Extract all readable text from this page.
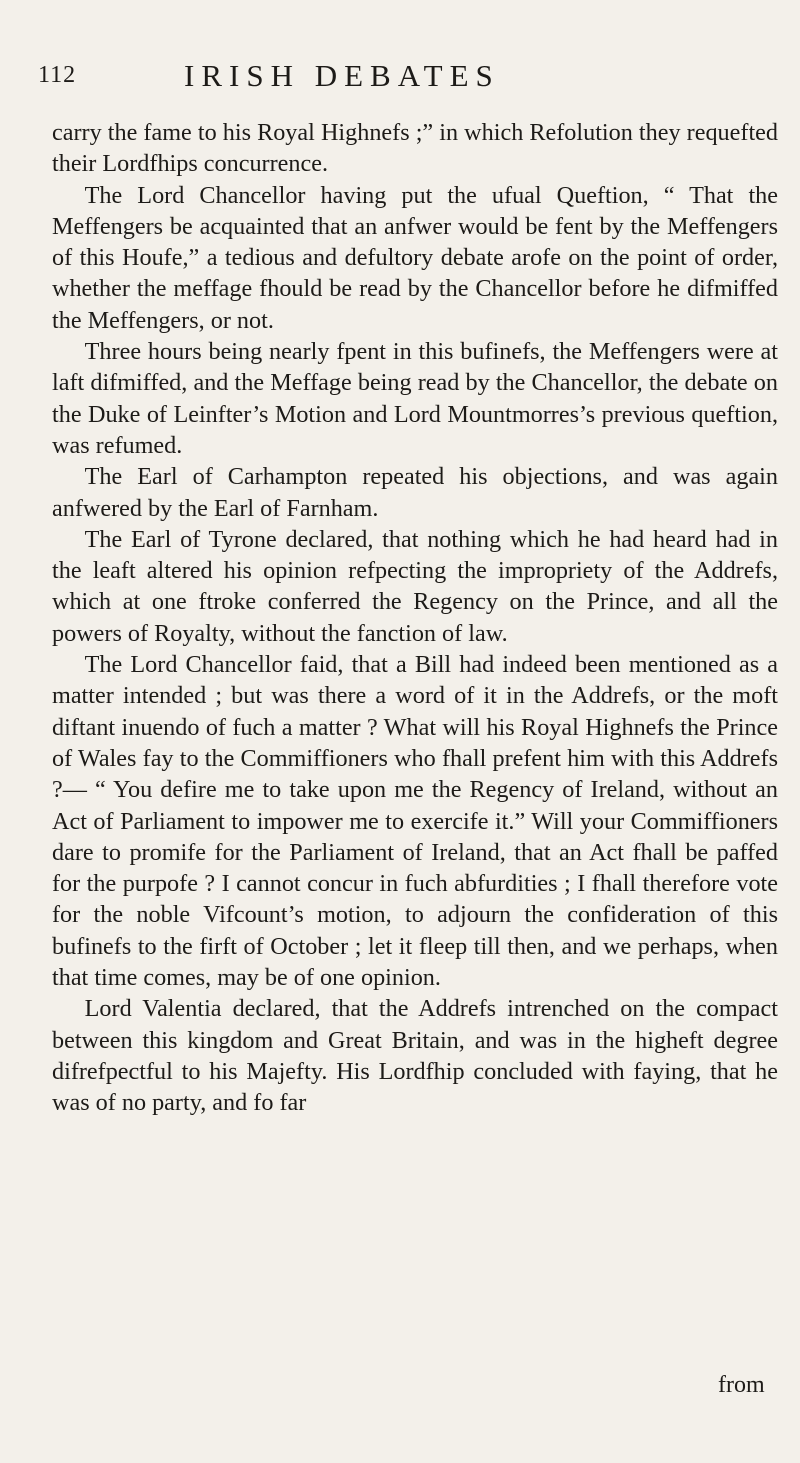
112	IRISH DEBATES

carry the fame to his Royal Highnefs ;” in which Refolution they requefted their Lordfhips concurrence.

The Lord Chancellor having put the ufual Queftion, “ That the Meffengers be acquainted that an anfwer would be fent by the Meffengers of this Houfe,” a tedious and defultory debate arofe on the point of order, whether the meffage fhould be read by the Chancellor before he difmiffed the Meffengers, or not.

Three hours being nearly fpent in this bufinefs, the Meffengers were at laft difmiffed, and the Meffage being read by the Chancellor, the debate on the Duke of Leinfter’s Motion and Lord Mountmorres’s previous queftion, was refumed.

The Earl of Carhampton repeated his objections, and was again anfwered by the Earl of Farnham.

The Earl of Tyrone declared, that nothing which he had heard had in the leaft altered his opinion refpecting the impropriety of the Addrefs, which at one ftroke conferred the Regency on the Prince, and all the powers of Royalty, without the fanction of law.

The Lord Chancellor faid, that a Bill had indeed been mentioned as a matter intended ; but was there a word of it in the Addrefs, or the moft diftant inuendo of fuch a matter ? What will his Royal Highnefs the Prince of Wales fay to the Commiffioners who fhall prefent him with this Addrefs ?— “ You defire me to take upon me the Regency of Ireland, without an Act of Parliament to impower me to exercife it.” Will your Commiffioners dare to promife for the Parliament of Ireland, that an Act fhall be paffed for the purpofe ? I cannot concur in fuch abfurdities ; I fhall therefore vote for the noble Vifcount’s motion, to adjourn the confideration of this bufinefs to the firft of October ; let it fleep till then, and we perhaps, when that time comes, may be of one opinion.

Lord Valentia declared, that the Addrefs intrenched on the compact between this kingdom and Great Britain, and was in the higheft degree difrefpectful to his Majefty. His Lordfhip concluded with faying, that he was of no party, and fo far

from
